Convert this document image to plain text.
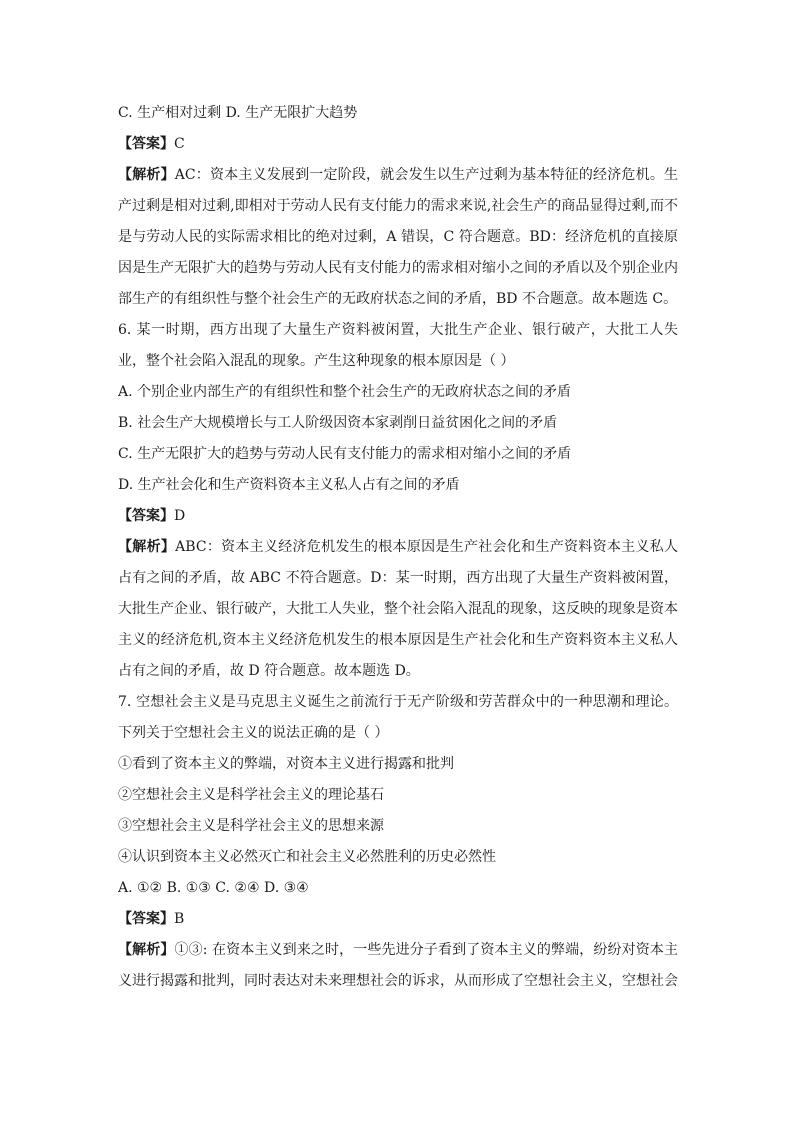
C. 生产相对过剩 D. 生产无限扩大趋势
【答案】C
【解析】AC：资本主义发展到一定阶段，就会发生以生产过剩为基本特征的经济危机。生产过剩是相对过剩,即相对于劳动人民有支付能力的需求来说,社会生产的商品显得过剩,而不是与劳动人民的实际需求相比的绝对过剩，A 错误，C 符合题意。BD：经济危机的直接原因是生产无限扩大的趋势与劳动人民有支付能力的需求相对缩小之间的矛盾以及个别企业内部生产的有组织性与整个社会生产的无政府状态之间的矛盾，BD 不合题意。故本题选 C。
6. 某一时期，西方出现了大量生产资料被闲置，大批生产企业、银行破产，大批工人失业，整个社会陷入混乱的现象。产生这种现象的根本原因是（ ）
A. 个别企业内部生产的有组织性和整个社会生产的无政府状态之间的矛盾
B. 社会生产大规模增长与工人阶级因资本家剥削日益贫困化之间的矛盾
C. 生产无限扩大的趋势与劳动人民有支付能力的需求相对缩小之间的矛盾
D. 生产社会化和生产资料资本主义私人占有之间的矛盾
【答案】D
【解析】ABC：资本主义经济危机发生的根本原因是生产社会化和生产资料资本主义私人占有之间的矛盾，故 ABC 不符合题意。D：某一时期，西方出现了大量生产资料被闲置，大批生产企业、银行破产，大批工人失业，整个社会陷入混乱的现象，这反映的现象是资本主义的经济危机,资本主义经济危机发生的根本原因是生产社会化和生产资料资本主义私人占有之间的矛盾，故 D 符合题意。故本题选 D。
7. 空想社会主义是马克思主义诞生之前流行于无产阶级和劳苦群众中的一种思潮和理论。下列关于空想社会主义的说法正确的是（ ）
①看到了资本主义的弊端，对资本主义进行揭露和批判
②空想社会主义是科学社会主义的理论基石
③空想社会主义是科学社会主义的思想来源
④认识到资本主义必然灭亡和社会主义必然胜利的历史必然性
A. ①② B. ①③ C. ②④ D. ③④
【答案】B
【解析】①③: 在资本主义到来之时，一些先进分子看到了资本主义的弊端，纷纷对资本主义进行揭露和批判，同时表达对未来理想社会的诉求，从而形成了空想社会主义，空想社会
